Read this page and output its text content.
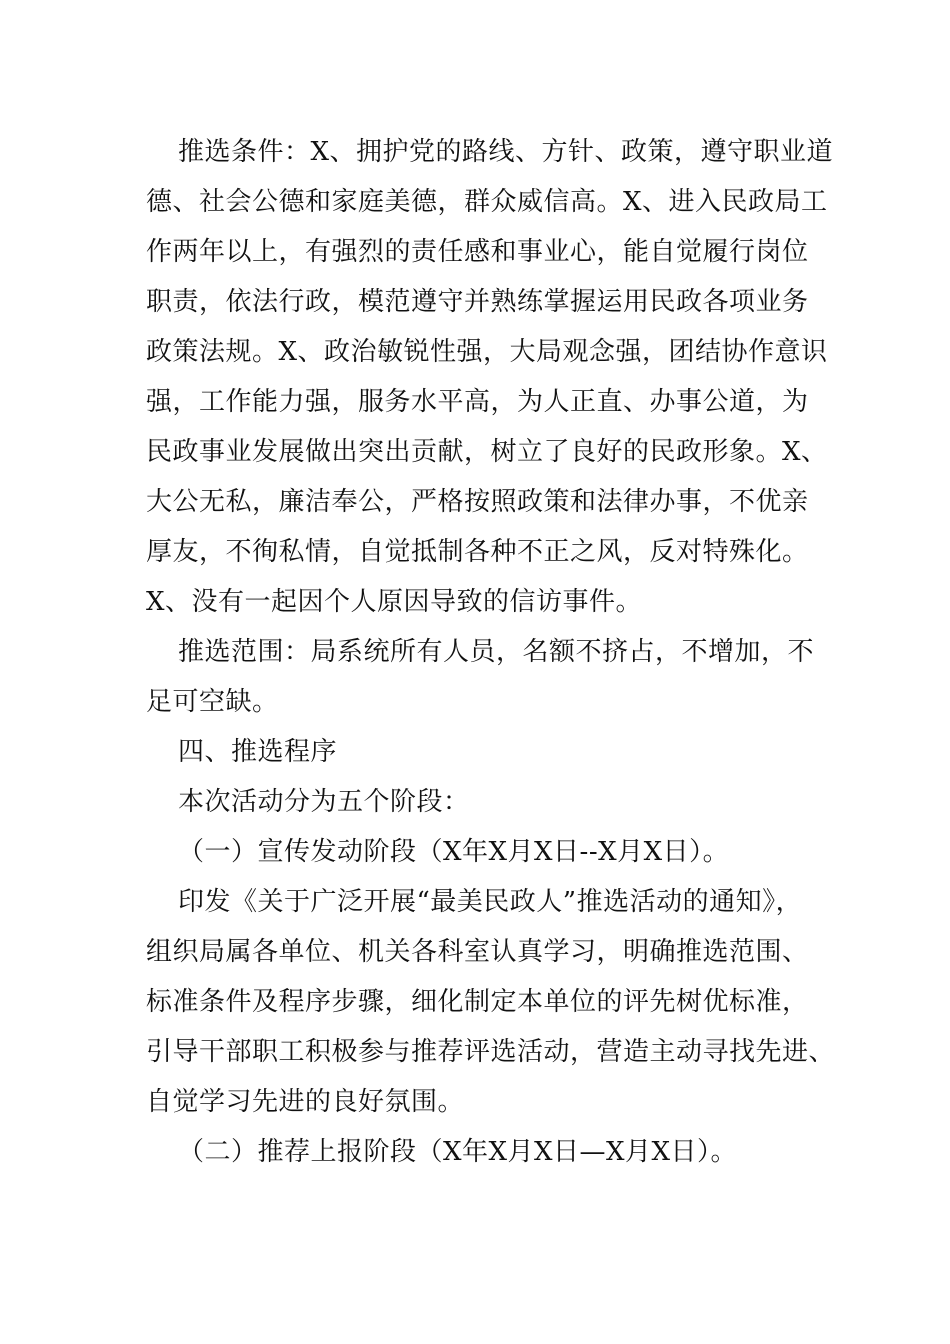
推选条件：X、拥护党的路线、方针、政策，遵守职业道
德、社会公德和家庭美德，群众威信高。X、进入民政局工
作两年以上，有强烈的责任感和事业心，能自觉履行岗位
职责，依法行政，模范遵守并熟练掌握运用民政各项业务
政策法规。X、政治敏锐性强，大局观念强，团结协作意识
强，工作能力强，服务水平高，为人正直、办事公道，为
民政事业发展做出突出贡献，树立了良好的民政形象。X、
大公无私，廉洁奉公，严格按照政策和法律办事，不优亲
厚友，不徇私情，自觉抵制各种不正之风，反对特殊化。
X、没有一起因个人原因导致的信访事件。
推选范围：局系统所有人员，名额不挤占，不增加，不
足可空缺。
四、推选程序
本次活动分为五个阶段：
（一）宣传发动阶段（X年X月X日--X月X日）。
印发《关于广泛开展“最美民政人”推选活动的通知》，
组织局属各单位、机关各科室认真学习，明确推选范围、
标准条件及程序步骤，细化制定本单位的评先树优标准，
引导干部职工积极参与推荐评选活动，营造主动寻找先进、
自觉学习先进的良好氛围。
（二）推荐上报阶段（X年X月X日—X月X日）。
